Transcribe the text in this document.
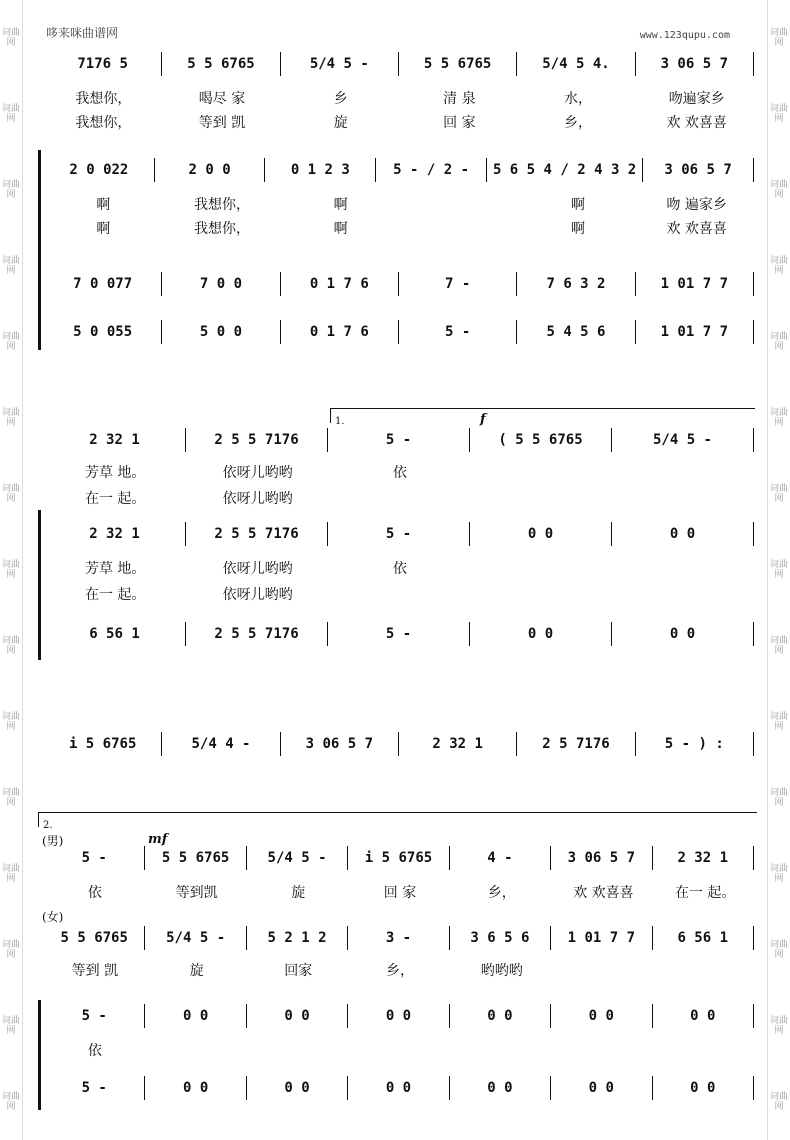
词曲网
词曲网
词曲网
词曲网
词曲网
词曲网
词曲网
词曲网
词曲网
词曲网
词曲网
词曲网
词曲网
词曲网
词曲网
词曲网
词曲网
词曲网
词曲网
词曲网
词曲网
词曲网
词曲网
词曲网
词曲网
词曲网
词曲网
词曲网
词曲网
词曲网
哆来咪曲谱网	www.123qupu.com
7176 5	5 5 6765	5/4 5 -	5 5 6765	5/4 5 4.	3 06 5 7
我想你，	喝尽 家	乡	清 泉	水，	吻遍家乡
我想你，	等到 凯	旋	回 家	乡，	欢 欢喜喜
2 0 022	2 0 0	0 1 2 3	5 - / 2 -	5 6 5 4 / 2 4 3 2	3 06 5 7
啊	我想你，	啊	啊	吻 遍家乡
啊	我想你，	啊	啊	欢 欢喜喜
7 0 077	7 0 0	0 1 7 6	7 -	7 6 3 2	1 01 7 7
5 0 055	5 0 0	0 1 7 6	5 -	5 4 5 6	1 01 7 7
1.	f
2 32 1	2 5 5 7176	5 -	( 5 5 6765	5/4 5 -
芳草 地。	依呀儿哟哟	依
在一 起。	依呀儿哟哟
2 32 1	2 5 5 7176	5 -	0 0	0 0
芳草 地。	依呀儿哟哟	依
在一 起。	依呀儿哟哟
6 56 1	2 5 5 7176	5 -	0 0	0 0
i 5 6765	5/4 4 -	3 06 5 7	2 32 1	2 5 7176	5 - ) :
2.
(男)	mf
5 -	5 5 6765	5/4 5 -	i 5 6765	4 -	3 06 5 7	2 32 1
依	等到凯	旋	回 家	乡，	欢 欢喜喜	在一 起。
(女)
5 5 6765	5/4 5 -	5 2 1 2	3 -	3 6 5 6	1 01 7 7	6 56 1
等到 凯	旋	回家	乡，	哟哟哟
5 -	0 0	0 0	0 0	0 0	0 0	0 0
依
5 -	0 0	0 0	0 0	0 0	0 0	0 0
